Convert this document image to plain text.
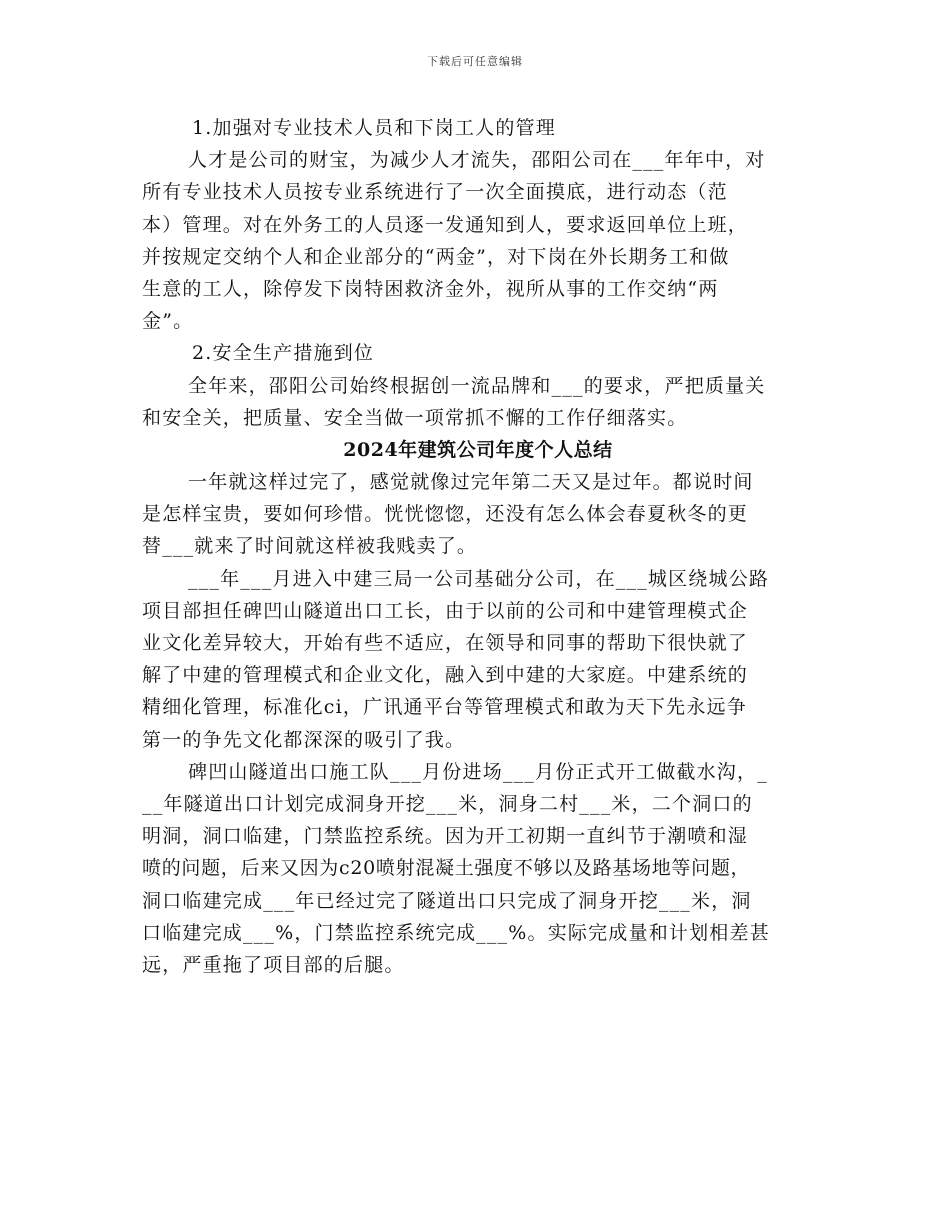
下载后可任意编辑
1.加强对专业技术人员和下岗工人的管理
人才是公司的财宝，为减少人才流失，邵阳公司在___年年中，对
所有专业技术人员按专业系统进行了一次全面摸底，进行动态（范
本）管理。对在外务工的人员逐一发通知到人，要求返回单位上班，
并按规定交纳个人和企业部分的“两金”，对下岗在外长期务工和做
生意的工人，除停发下岗特困救济金外，视所从事的工作交纳“两
金”。
2.安全生产措施到位
全年来，邵阳公司始终根据创一流品牌和___的要求，严把质量关
和安全关，把质量、安全当做一项常抓不懈的工作仔细落实。
2024年建筑公司年度个人总结
一年就这样过完了，感觉就像过完年第二天又是过年。都说时间
是怎样宝贵，要如何珍惜。恍恍惚惚，还没有怎么体会春夏秋冬的更
替___就来了时间就这样被我贱卖了。
___年___月进入中建三局一公司基础分公司，在___城区绕城公路
项目部担任碑凹山隧道出口工长，由于以前的公司和中建管理模式企
业文化差异较大，开始有些不适应，在领导和同事的帮助下很快就了
解了中建的管理模式和企业文化，融入到中建的大家庭。中建系统的
精细化管理，标准化ci，广讯通平台等管理模式和敢为天下先永远争
第一的争先文化都深深的吸引了我。
碑凹山隧道出口施工队___月份进场___月份正式开工做截水沟，_
__年隧道出口计划完成洞身开挖___米，洞身二村___米，二个洞口的
明洞，洞口临建，门禁监控系统。因为开工初期一直纠节于潮喷和湿
喷的问题，后来又因为c20喷射混凝土强度不够以及路基场地等问题，
洞口临建完成___年已经过完了隧道出口只完成了洞身开挖___米，洞
口临建完成___%，门禁监控系统完成___%。实际完成量和计划相差甚
远，严重拖了项目部的后腿。
